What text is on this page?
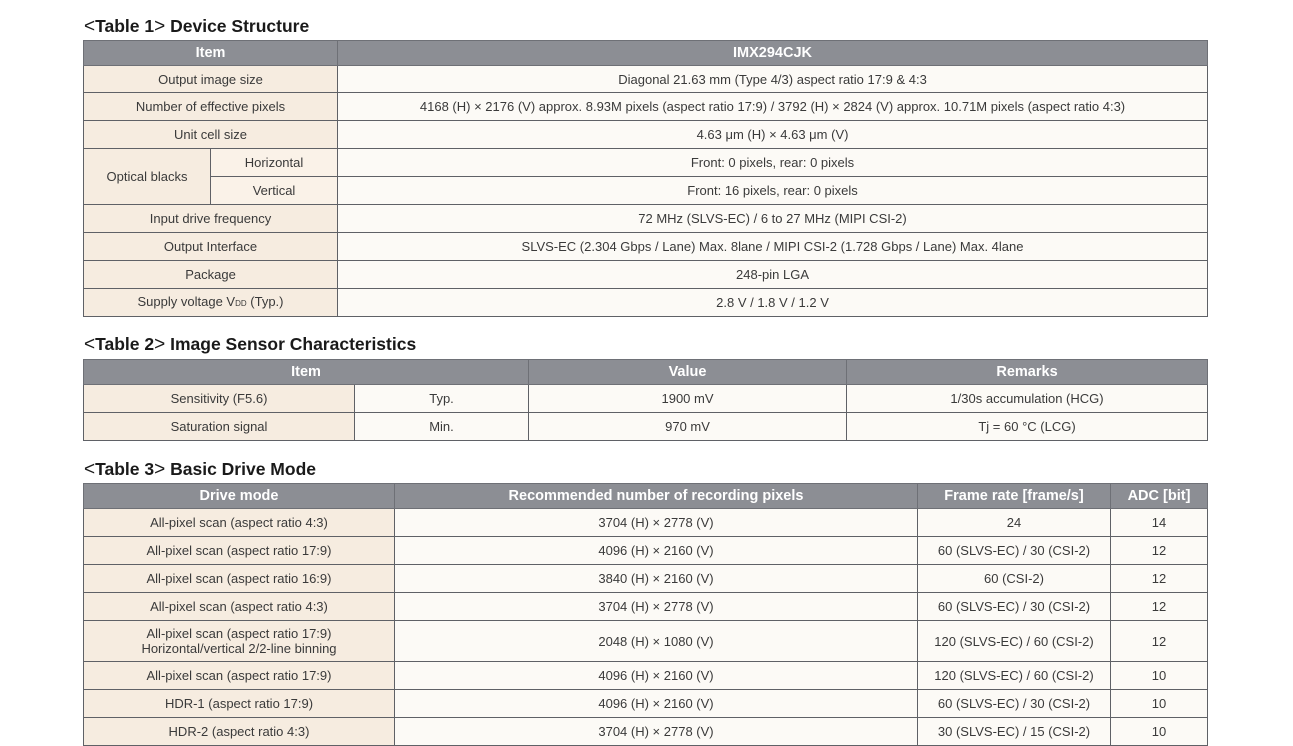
<Table 1> Device Structure
Item		IMX294CJK
Output image size		Diagonal 21.63 mm (Type 4/3) aspect ratio 17:9 & 4:3
Number of effective pixels		4168 (H) × 2176 (V) approx. 8.93M pixels (aspect ratio 17:9) / 3792 (H) × 2824 (V) approx. 10.71M pixels (aspect ratio 4:3)
Unit cell size		4.63 μm (H) × 4.63 μm (V)
Optical blacks	Horizontal	Front: 0 pixels, rear: 0 pixels
	Vertical	Front: 16 pixels, rear: 0 pixels
Input drive frequency		72 MHz (SLVS-EC) / 6 to 27 MHz (MIPI CSI-2)
Output Interface		SLVS-EC (2.304 Gbps / Lane) Max. 8lane / MIPI CSI-2 (1.728 Gbps / Lane) Max. 4lane
Package		248-pin LGA
Supply voltage VDD (Typ.)		2.8 V / 1.8 V / 1.2 V
<Table 2> Image Sensor Characteristics
Item		Value	Remarks
Sensitivity (F5.6)	Typ.	1900 mV	1/30s accumulation (HCG)
Saturation signal	Min.	970 mV	Tj = 60 °C (LCG)
<Table 3> Basic Drive Mode
Drive mode	Recommended number of recording pixels	Frame rate [frame/s]	ADC [bit]
All-pixel scan (aspect ratio 4:3)	3704 (H) × 2778 (V)	24	14
All-pixel scan (aspect ratio 17:9)	4096 (H) × 2160 (V)	60 (SLVS-EC) / 30 (CSI-2)	12
All-pixel scan (aspect ratio 16:9)	3840 (H) × 2160 (V)	60 (CSI-2)	12
All-pixel scan (aspect ratio 4:3)	3704 (H) × 2778 (V)	60 (SLVS-EC) / 30 (CSI-2)	12

All-pixel scan (aspect ratio 17:9)
Horizontal/vertical 2/2-line binning	2048 (H) × 1080 (V)	120 (SLVS-EC) / 60 (CSI-2)	12
All-pixel scan (aspect ratio 17:9)	4096 (H) × 2160 (V)	120 (SLVS-EC) / 60 (CSI-2)	10
HDR-1 (aspect ratio 17:9)	4096 (H) × 2160 (V)	60 (SLVS-EC) / 30 (CSI-2)	10
HDR-2 (aspect ratio 4:3)	3704 (H) × 2778 (V)	30 (SLVS-EC) / 15 (CSI-2)	10
